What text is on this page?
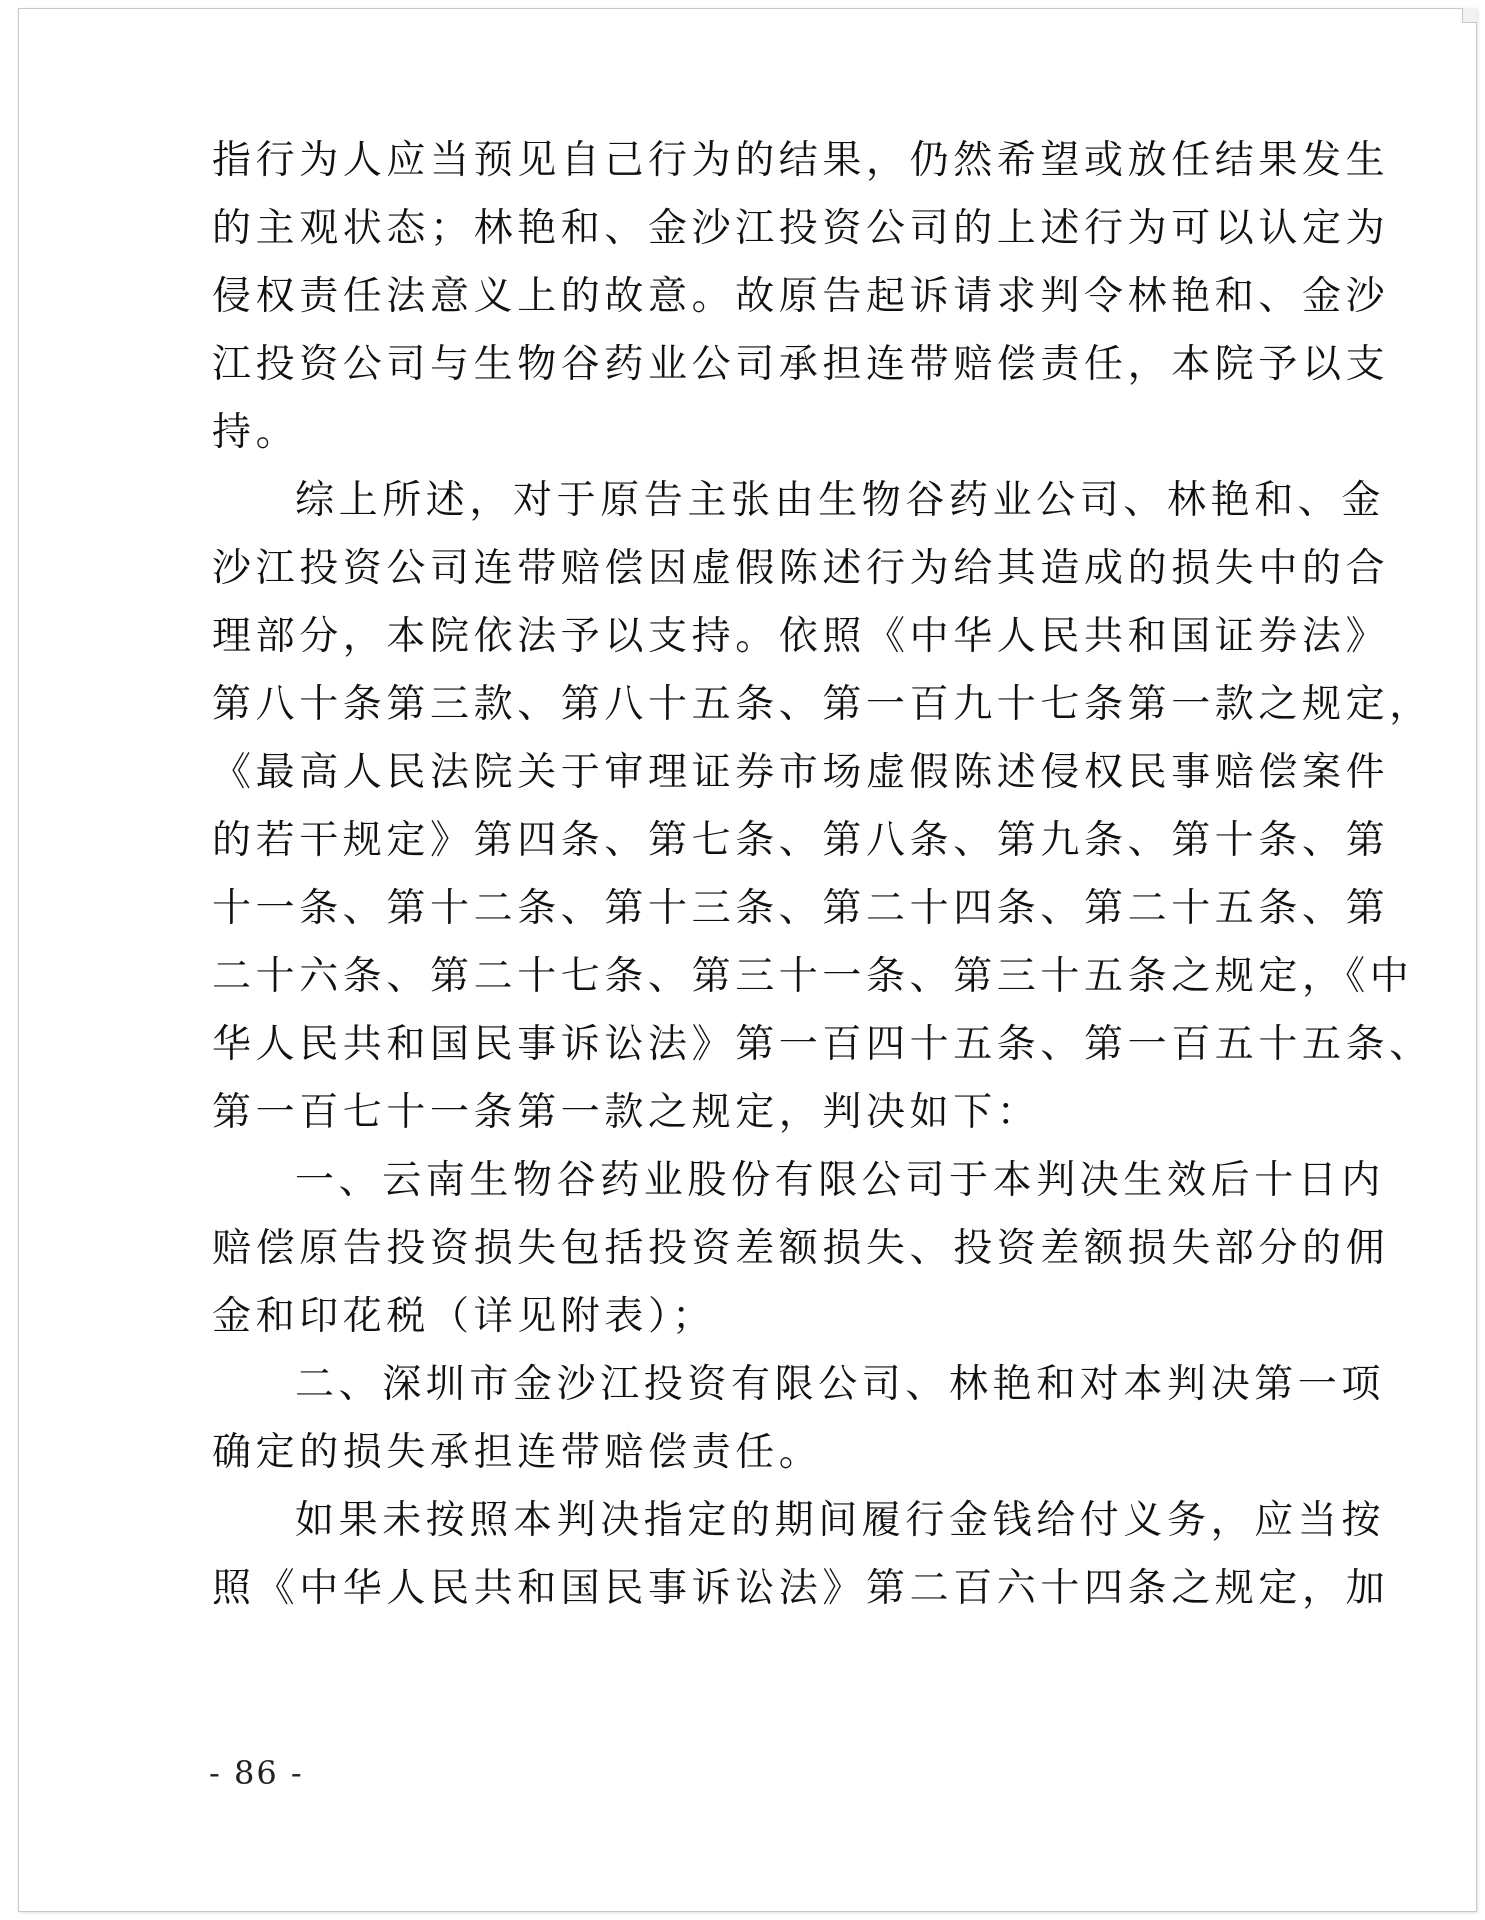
指行为人应当预见自己行为的结果，仍然希望或放任结果发生
的主观状态；林艳和、金沙江投资公司的上述行为可以认定为
侵权责任法意义上的故意。故原告起诉请求判令林艳和、金沙
江投资公司与生物谷药业公司承担连带赔偿责任，本院予以支
持。
综上所述，对于原告主张由生物谷药业公司、林艳和、金
沙江投资公司连带赔偿因虚假陈述行为给其造成的损失中的合
理部分，本院依法予以支持。依照《中华人民共和国证券法》
第八十条第三款、第八十五条、第一百九十七条第一款之规定，
《最高人民法院关于审理证券市场虚假陈述侵权民事赔偿案件
的若干规定》第四条、第七条、第八条、第九条、第十条、第
十一条、第十二条、第十三条、第二十四条、第二十五条、第
二十六条、第二十七条、第三十一条、第三十五条之规定，《中
华人民共和国民事诉讼法》第一百四十五条、第一百五十五条、
第一百七十一条第一款之规定，判决如下：
一、云南生物谷药业股份有限公司于本判决生效后十日内
赔偿原告投资损失包括投资差额损失、投资差额损失部分的佣
金和印花税（详见附表）；
二、深圳市金沙江投资有限公司、林艳和对本判决第一项
确定的损失承担连带赔偿责任。
如果未按照本判决指定的期间履行金钱给付义务，应当按
照《中华人民共和国民事诉讼法》第二百六十四条之规定，加
- 86 -
